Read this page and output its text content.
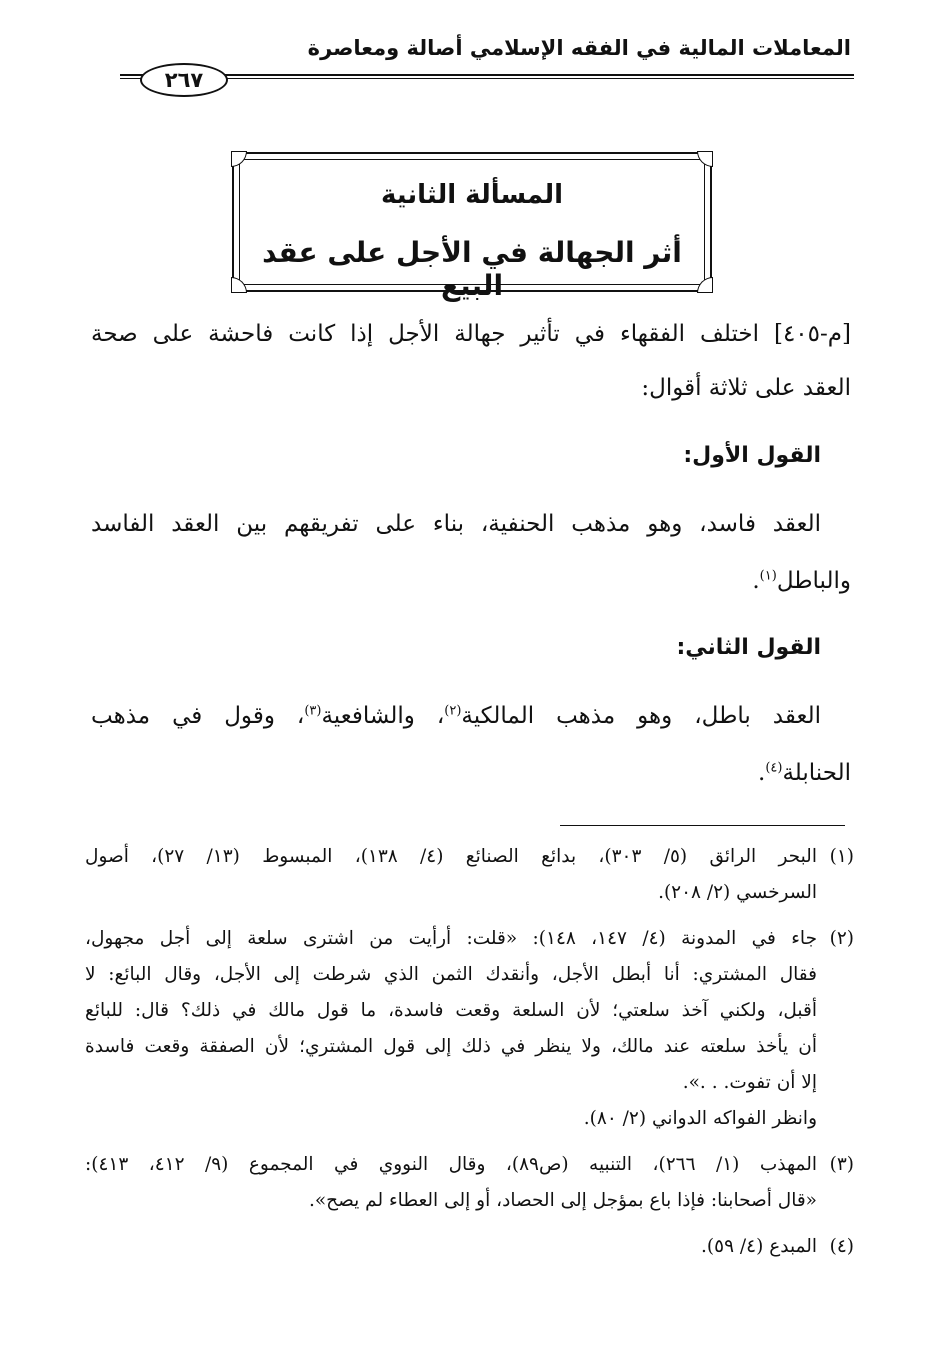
المعاملات المالية في الفقه الإسلامي أصالة ومعاصرة
٢٦٧
المسألة الثانية
أثر الجهالة في الأجل على عقد البيع
[م-٤٠٥] اختلف الفقهاء في تأثير جهالة الأجل إذا كانت فاحشة على صحة
العقد على ثلاثة أقوال:
القول الأول:
العقد فاسد، وهو مذهب الحنفية، بناء على تفريقهم بين العقد الفاسد
والباطل$^{(١)}$.
القول الثاني:
العقد باطل، وهو مذهب المالكية$^{(٢)}$، والشافعية$^{(٣)}$، وقول في مذهب
الحنابلة$^{(٤)}$.
(١)
البحر الرائق (٥/ ٣٠٣)، بدائع الصنائع (٤/ ١٣٨)، المبسوط (١٣/ ٢٧)، أصول
السرخسي (٢/ ٢٠٨).
(٢)
جاء في المدونة (٤/ ١٤٧، ١٤٨): «قلت: أرأيت من اشترى سلعة إلى أجل مجهول،
فقال المشتري: أنا أبطل الأجل، وأنقدك الثمن الذي شرطت إلى الأجل، وقال البائع: لا
أقبل، ولكني آخذ سلعتي؛ لأن السلعة وقعت فاسدة، ما قول مالك في ذلك؟ قال: للبائع
أن يأخذ سلعته عند مالك، ولا ينظر في ذلك إلى قول المشتري؛ لأن الصفقة وقعت فاسدة
إلا أن تفوت. . .».
وانظر الفواكه الدواني (٢/ ٨٠).
(٣)
المهذب (١/ ٢٦٦)، التنبيه (ص٨٩)، وقال النووي في المجموع (٩/ ٤١٢، ٤١٣):
«قال أصحابنا: فإذا باع بمؤجل إلى الحصاد، أو إلى العطاء لم يصح».
(٤)
المبدع (٤/ ٥٩).
